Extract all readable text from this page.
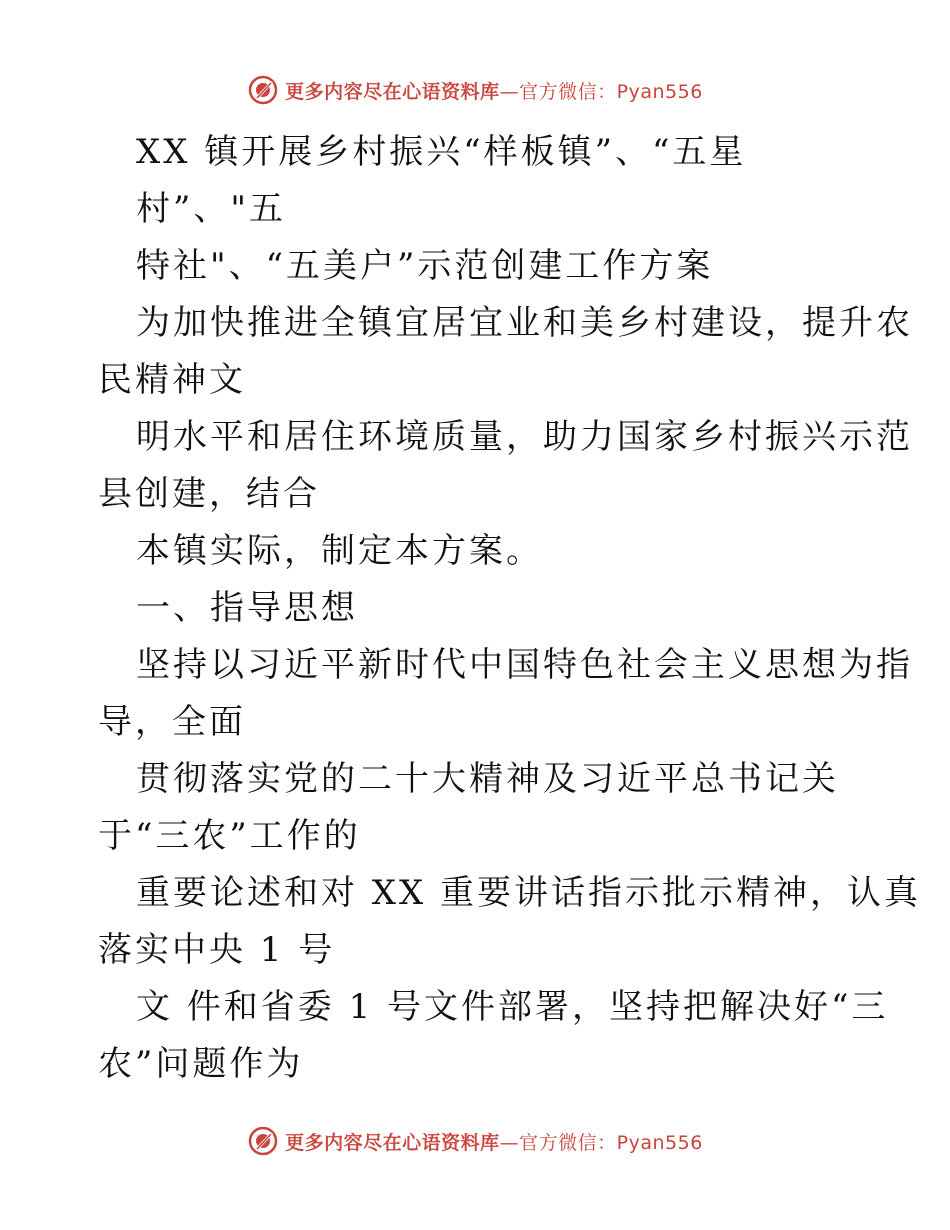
更多内容尽在心语资料库—官方微信：Pyan556
XX 镇开展乡村振兴“样板镇”、“五星
村”、"五
特社"、“五美户”示范创建工作方案
为加快推进全镇宜居宜业和美乡村建设，提升农
民精神文
明水平和居住环境质量，助力国家乡村振兴示范
县创建，结合
本镇实际，制定本方案。
一、指导思想
坚持以习近平新时代中国特色社会主义思想为指
导，全面
贯彻落实党的二十大精神及习近平总书记关
于“三农”工作的
重要论述和对 XX 重要讲话指示批示精神，认真
落实中央 1 号
文 件和省委 1 号文件部署，坚持把解决好“三
农”问题作为
更多内容尽在心语资料库—官方微信：Pyan556
